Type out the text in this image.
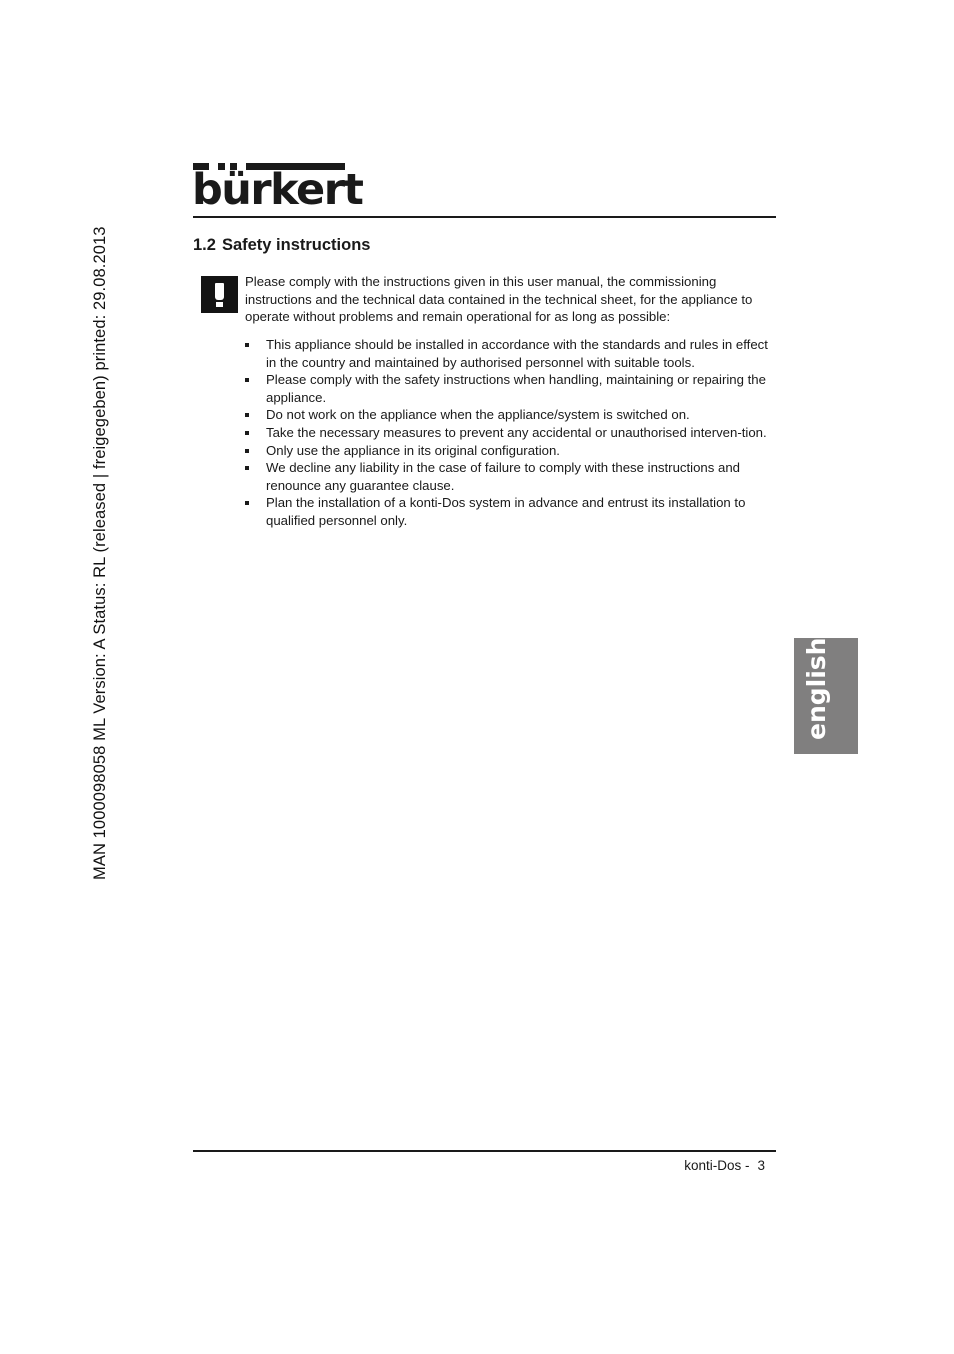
MAN 1000098058 ML Version: A Status: RL (released | freigegeben) printed: 29.08.2013
bürkert
1.2 Safety instructions
Please comply with the instructions given in this user manual, the commissioning instructions and the technical data contained in the technical sheet, for the appliance to operate without problems and remain operational for as long as possible:
This appliance should be installed in accordance with the standards and rules in effect in the country and maintained by authorised personnel with suitable tools.
Please comply with the safety instructions when handling, maintaining or repairing the appliance.
Do not work on the appliance when the appliance/system is switched on.
Take the necessary measures to prevent any accidental or unauthorised interven-tion.
Only use the appliance in its original configuration.
We decline any liability in the case of failure to comply with these instructions and renounce any guarantee clause.
Plan the installation of a konti-Dos system in advance and entrust its installation to qualified personnel only.
english
konti-Dos - 3
